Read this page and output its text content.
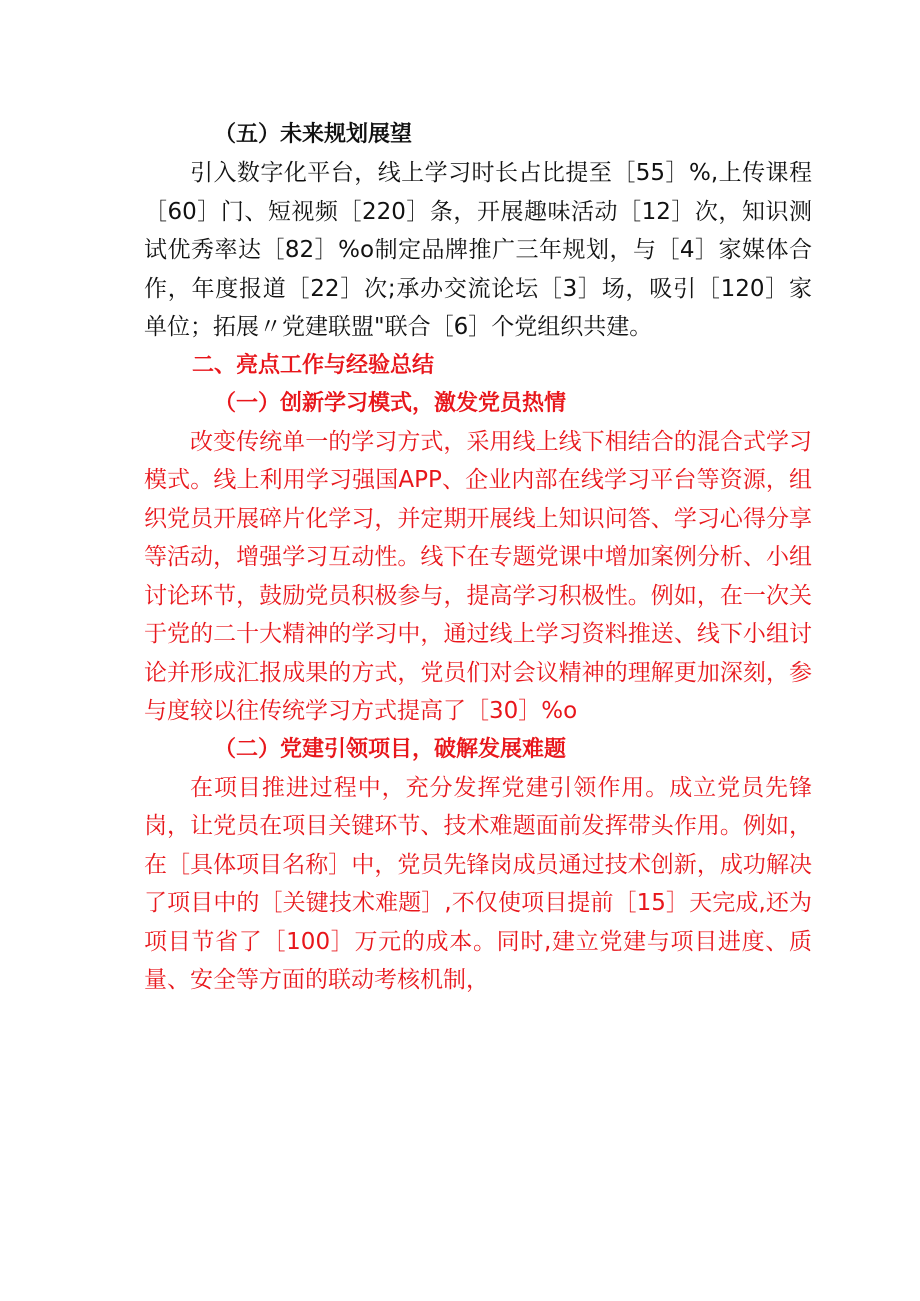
（五）未来规划展望

引入数字化平台，线上学习时长占比提至［55］%,上传课程［60］门、短视频［220］条，开展趣味活动［12］次，知识测试优秀率达［82］%o制定品牌推广三年规划，与［4］家媒体合作，年度报道［22］次;承办交流论坛［3］场，吸引［120］家单位；拓展〃党建联盟"联合［6］个党组织共建。

二、亮点工作与经验总结
（一）创新学习模式，激发党员热情

改变传统单一的学习方式，采用线上线下相结合的混合式学习模式。线上利用学习强国APP、企业内部在线学习平台等资源，组织党员开展碎片化学习，并定期开展线上知识问答、学习心得分享等活动，增强学习互动性。线下在专题党课中增加案例分析、小组讨论环节，鼓励党员积极参与，提高学习积极性。例如，在一次关于党的二十大精神的学习中，通过线上学习资料推送、线下小组讨论并形成汇报成果的方式，党员们对会议精神的理解更加深刻，参与度较以往传统学习方式提高了［30］%o

（二）党建引领项目，破解发展难题

在项目推进过程中，充分发挥党建引领作用。成立党员先锋岗，让党员在项目关键环节、技术难题面前发挥带头作用。例如，在［具体项目名称］中，党员先锋岗成员通过技术创新，成功解决了项目中的［关键技术难题］,不仅使项目提前［15］天完成,还为项目节省了［100］万元的成本。同时,建立党建与项目进度、质量、安全等方面的联动考核机制，
